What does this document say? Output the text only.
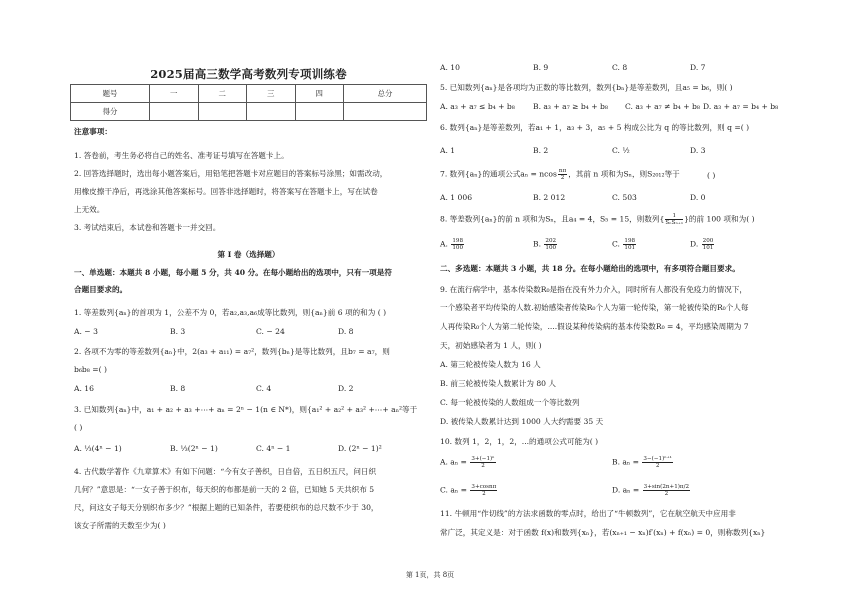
2025届高三数学高考数列专项训练卷
题号	一	二	三	四	总分
得分					
注意事项：
1. 答卷前，考生务必将自己的姓名、准考证号填写在答题卡上。
2. 回答选择题时，选出每小题答案后，用铅笔把答题卡对应题目的答案标号涂黑；如需改动，
用橡皮擦干净后，再选涂其他答案标号。回答非选择题时，将答案写在答题卡上，写在试卷
上无效。
3. 考试结束后，本试卷和答题卡一并交回。
第 I 卷（选择题）
一、单选题：本题共 8 小题，每小题 5 分，共 40 分。在每小题给出的选项中，只有一项是符
合题目要求的。
1. 等差数列{aₙ}的首项为 1，公差不为 0，若a₂,a₃,a₆成等比数列，则{aₙ}前 6 项的和为 ( )
A. − 3	B. 3	C. − 24	D. 8
2. 各项不为零的等差数列{aₙ}中，2(a₃ + a₁₁) = a₇²，数列{bₙ}是等比数列，且b₇ = a₇，则
b₆b₈ =( )
A. 16	B. 8	C. 4	D. 2
3. 已知数列{aₙ}中，a₁ + a₂ + a₃ +⋯+ aₙ = 2ⁿ − 1(n ∈ N*)，则{a₁² + a₂² + a₃² +⋯+ aₙ²等于
( )
A. ⅓(4ⁿ − 1)	B. ⅓(2ⁿ − 1)	C. 4ⁿ − 1	D. (2ⁿ − 1)²
4. 古代数学著作《九章算术》有如下问题：“今有女子善织，日自倍，五日织五尺，问日织
几何？”意思是：“一女子善于织布，每天织的布都是前一天的 2 倍，已知她 5 天共织布 5
尺，问这女子每天分别织布多少？”根据上题的已知条件，若要使织布的总尺数不少于 30，
该女子所需的天数至少为( )
A. 10	B. 9	C. 8	D. 7
5. 已知数列{aₙ}是各项均为正数的等比数列，数列{bₙ}是等差数列，且a₅ = b₆，则( )
A. a₃ + a₇ ≤ b₄ + b₈ B. a₃ + a₇ ≥ b₄ + b₈ C. a₃ + a₇ ≠ b₄ + b₈ D. a₃ + a₇ = b₄ + b₈
6. 数列{aₙ}是等差数列，若a₁ + 1，a₃ + 3，a₅ + 5 构成公比为 q 的等比数列，则 q =( )
A. 1	B. 2	C. ½	D. 3
7. 数列{aₙ}的通项公式aₙ = ncos $\frac{n\pi}{2}$ ，其前 n 项和为Sₙ，则S₂₀₁₂等于	( )
A. 1 006	B. 2 012	C. 503	D. 0
8. 等差数列{aₙ}的前 n 项和为Sₙ，且a₄ = 4，S₅ = 15，则数列{ $\frac{1}{\text{SₙSₙ₊₁}}$ }的前 100 项和为( )
A. $\frac{198}{100}$	B. $\frac{202}{100}$	C. $\frac{198}{101}$	D. $\frac{200}{101}$
二、多选题：本题共 3 小题，共 18 分。在每小题给出的选项中，有多项符合题目要求。
9. 在流行病学中，基本传染数R₀是指在没有外力介入，同时所有人都没有免疫力的情况下，
一个感染者平均传染的人数.初始感染者传染R₀个人为第一轮传染，第一轮被传染的R₀个人每
人再传染R₀个人为第二轮传染，....假设某种传染病的基本传染数R₀ = 4，平均感染周期为 7
天，初始感染者为 1 人，则( )
A. 第三轮被传染人数为 16 人
B. 前三轮被传染人数累计为 80 人
C. 每一轮被传染的人数组成一个等比数列
D. 被传染人数累计达到 1000 人大约需要 35 天
10. 数列 1，2，1，2，...的通项公式可能为( )
A. $a_n = \frac{\text{3+(−1)ⁿ}}{2}$	B. $a_n = \frac{\text{3−(−1)ⁿ⁺¹}}{2}$
C. $a_n = \frac{3+\cos n\pi}{2}$	D. $a_n = \frac{3+\sin(2n+1)\pi/2}{2}$
11. 牛顿用“作切线”的方法求函数的零点时，给出了“牛顿数列”，它在航空航天中应用非
常广泛，其定义是：对于函数 f(x)和数列{xₙ}，若(xₙ₊₁ − xₙ)f′(xₙ) + f(xₙ) = 0，则称数列{xₙ}
第 1页，共 8页
